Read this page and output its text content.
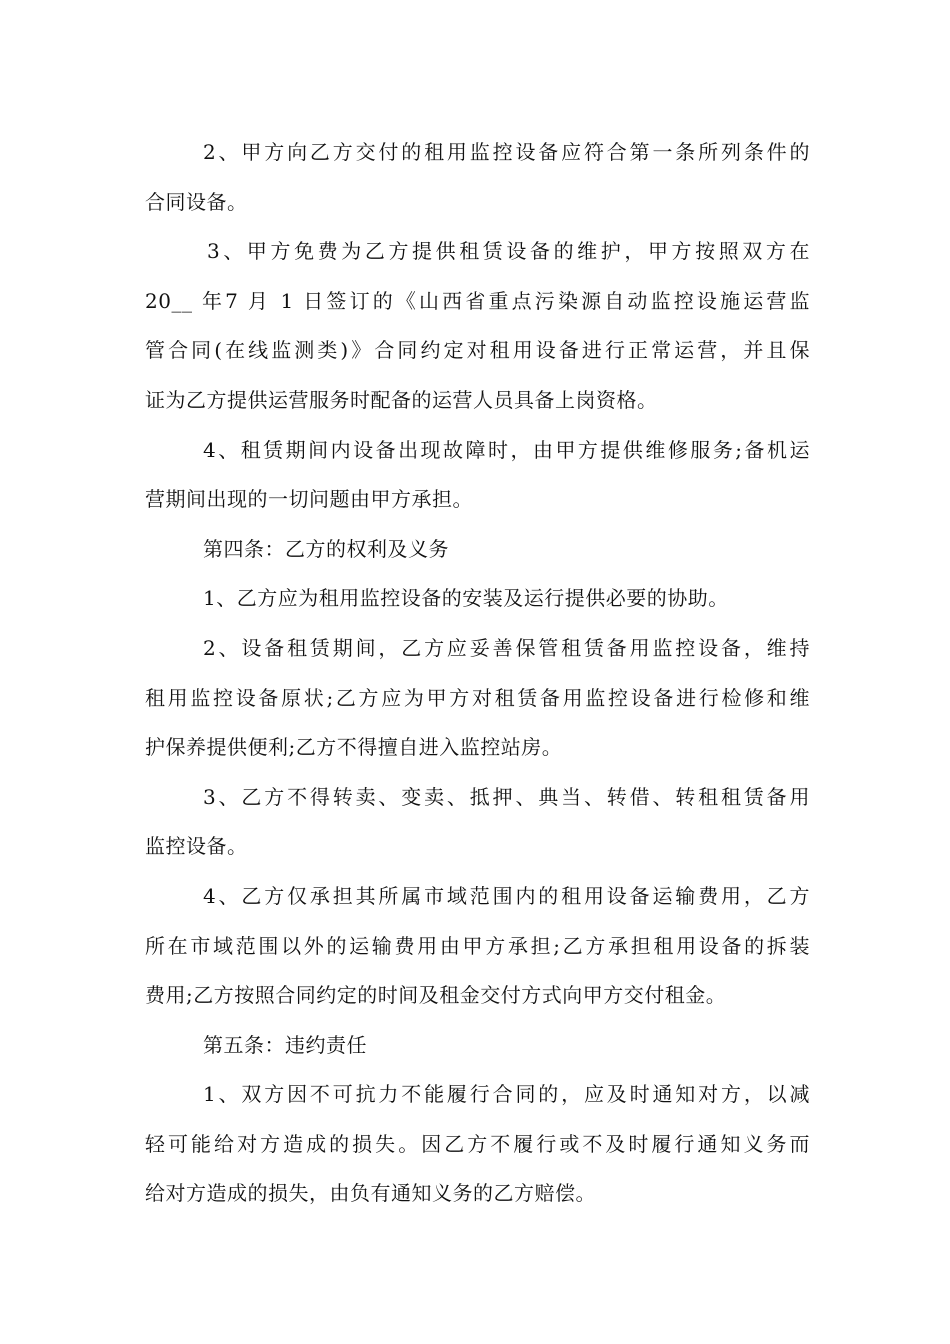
2、甲方向乙方交付的租用监控设备应符合第一条所列条件的
合同设备。
3、甲方免费为乙方提供租赁设备的维护，甲方按照双方在
20__ 年7 月 1 日签订的《山西省重点污染源自动监控设施运营监
管合同(在线监测类)》合同约定对租用设备进行正常运营，并且保
证为乙方提供运营服务时配备的运营人员具备上岗资格。
4、租赁期间内设备出现故障时，由甲方提供维修服务;备机运
营期间出现的一切问题由甲方承担。
第四条：乙方的权利及义务
1、乙方应为租用监控设备的安装及运行提供必要的协助。
2、设备租赁期间，乙方应妥善保管租赁备用监控设备，维持
租用监控设备原状;乙方应为甲方对租赁备用监控设备进行检修和维
护保养提供便利;乙方不得擅自进入监控站房。
3、乙方不得转卖、变卖、抵押、典当、转借、转租租赁备用
监控设备。
4、乙方仅承担其所属市域范围内的租用设备运输费用，乙方
所在市域范围以外的运输费用由甲方承担;乙方承担租用设备的拆装
费用;乙方按照合同约定的时间及租金交付方式向甲方交付租金。
第五条：违约责任
1、双方因不可抗力不能履行合同的，应及时通知对方，以减
轻可能给对方造成的损失。因乙方不履行或不及时履行通知义务而
给对方造成的损失，由负有通知义务的乙方赔偿。
